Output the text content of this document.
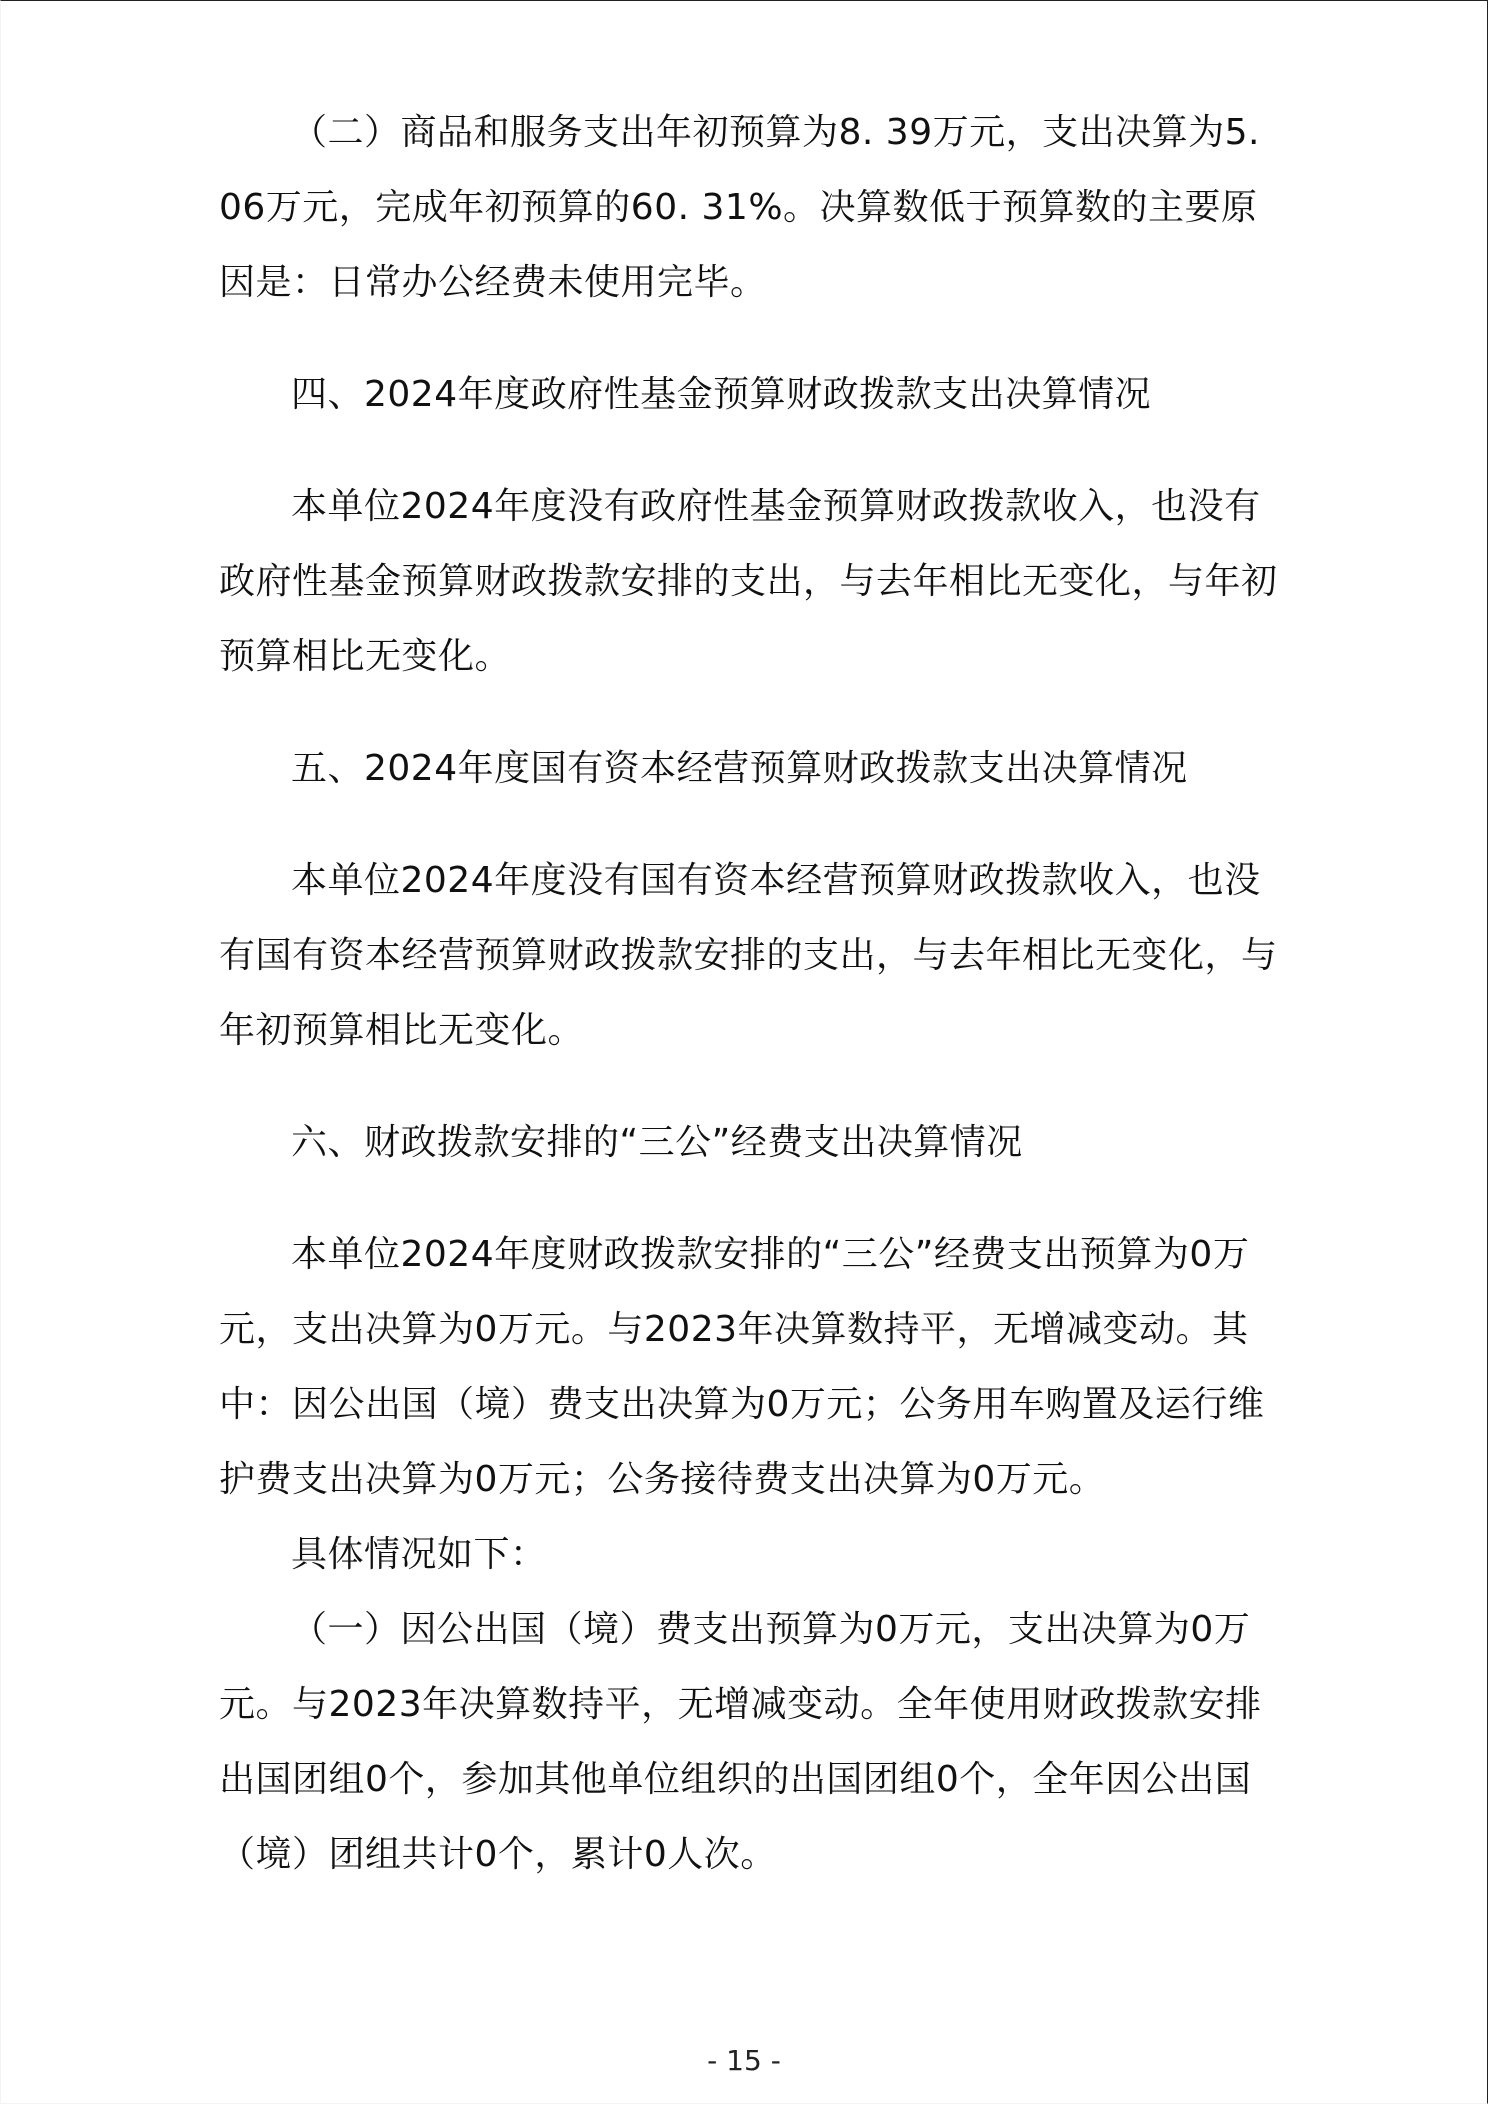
（二）商品和服务支出年初预算为8. 39万元，支出决算为5. 06万元，完成年初预算的60. 31%。决算数低于预算数的主要原因是：日常办公经费未使用完毕。

四、2024年度政府性基金预算财政拨款支出决算情况

本单位2024年度没有政府性基金预算财政拨款收入，也没有政府性基金预算财政拨款安排的支出，与去年相比无变化，与年初预算相比无变化。

五、2024年度国有资本经营预算财政拨款支出决算情况

本单位2024年度没有国有资本经营预算财政拨款收入，也没有国有资本经营预算财政拨款安排的支出，与去年相比无变化，与年初预算相比无变化。

六、财政拨款安排的“三公”经费支出决算情况

本单位2024年度财政拨款安排的“三公”经费支出预算为0万元，支出决算为0万元。与2023年决算数持平，无增减变动。其中：因公出国（境）费支出决算为0万元；公务用车购置及运行维护费支出决算为0万元；公务接待费支出决算为0万元。

具体情况如下：

（一）因公出国（境）费支出预算为0万元，支出决算为0万元。与2023年决算数持平，无增减变动。全年使用财政拨款安排出国团组0个，参加其他单位组织的出国团组0个，全年因公出国（境）团组共计0个，累计0人次。

- 15 -
